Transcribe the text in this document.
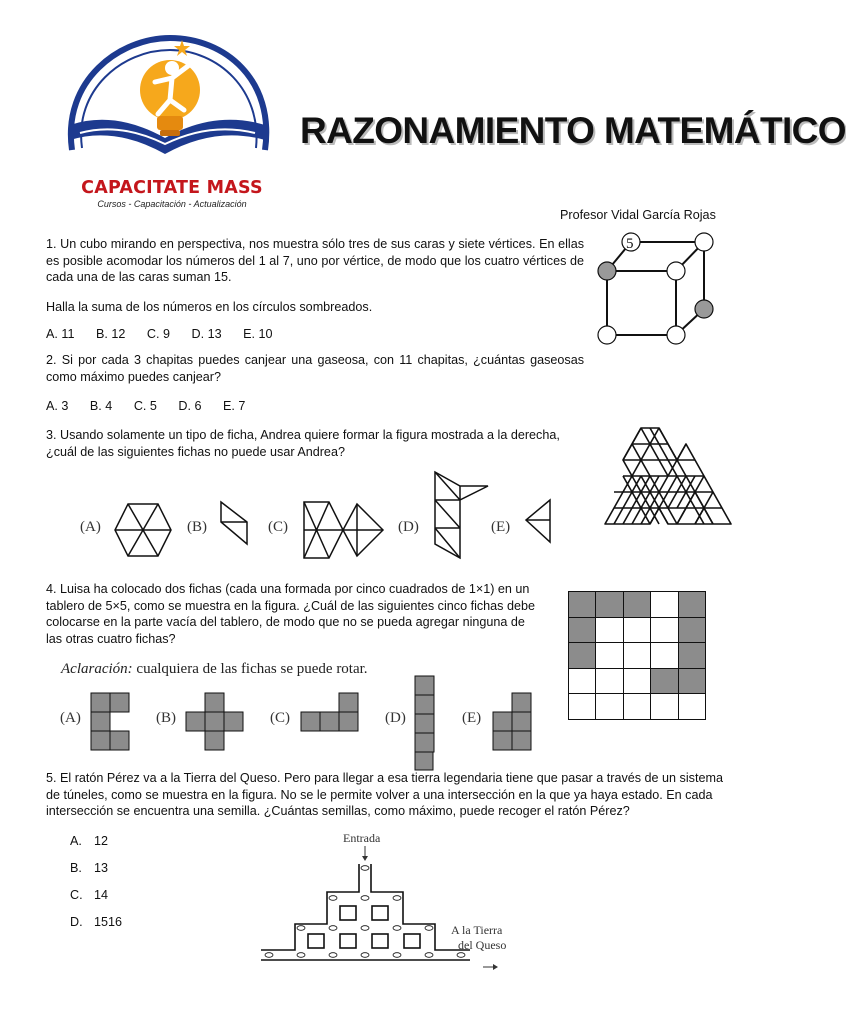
CAPACITATE MASS
Cursos - Capacitación - Actualización
RAZONAMIENTO MATEMÁTICO
Profesor Vidal García Rojas
1. Un cubo mirando en perspectiva, nos muestra sólo tres de sus caras y siete vértices. En ellas es posible acomodar los números del 1 al 7, uno por vértice, de modo que los cuatro vértices de cada una de las caras suman 15.
Halla la suma de los números en los círculos sombreados.
A. 11 B. 12 C. 9 D. 13 E. 10
5
2. Si por cada 3 chapitas puedes canjear una gaseosa, con 11 chapitas, ¿cuántas gaseosas como máximo puedes canjear?
A. 3 B. 4 C. 5 D. 6 E. 7
3. Usando solamente un tipo de ficha, Andrea quiere formar la figura mostrada a la derecha, ¿cuál de las siguientes fichas no puede usar Andrea?
(A)	(B)	(C)	(D)	(E)
4. Luisa ha colocado dos fichas (cada una formada por cinco cuadrados de 1×1) en un tablero de 5×5, como se muestra en la figura. ¿Cuál de las siguientes cinco fichas debe colocarse en la parte vacía del tablero, de modo que no se pueda agregar ninguna de las otras cuatro fichas?
Aclaración: cualquiera de las fichas se puede rotar.
(A)	(B)	(C)	(D)	(E)
5. El ratón Pérez va a la Tierra del Queso. Pero para llegar a esa tierra legendaria tiene que pasar a través de un sistema de túneles, como se muestra en la figura. No se le permite volver a una intersección en la que ya haya estado. En cada intersección se encuentra una semilla. ¿Cuántas semillas, como máximo, puede recoger el ratón Pérez?
A. 12
B. 13
C. 14
D. 1516
Entrada
A la Tierra
del Queso
